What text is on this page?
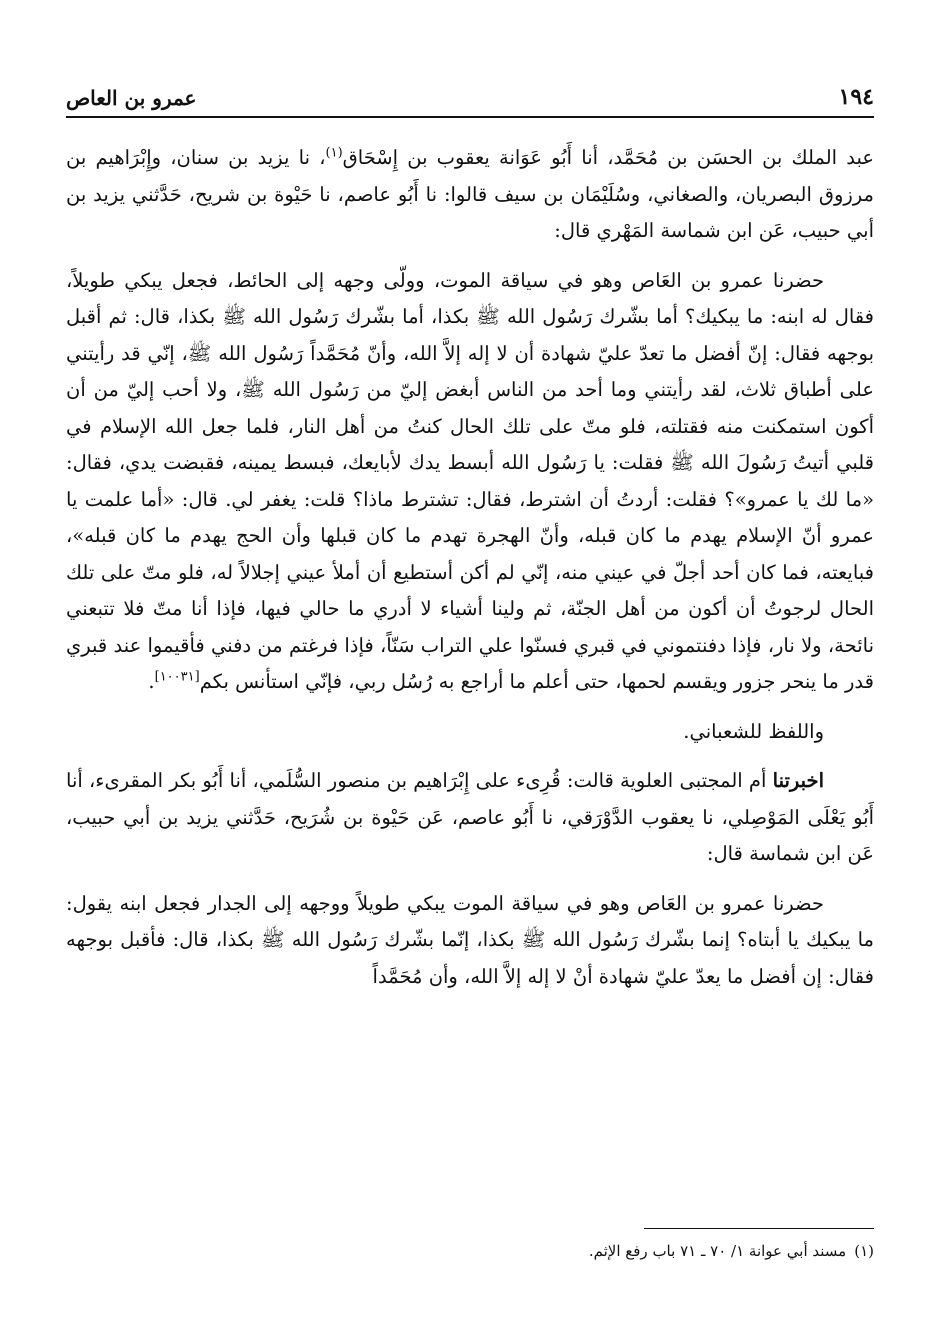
١٩٤
عمرو بن العاص

عبد الملك بن الحسَن بن مُحَمَّد، أنا أَبُو عَوَانة يعقوب بن إِسْحَاق$^{(١)}$، نا يزيد بن سنان، وإِبْرَاهيم بن مرزوق البصريان، والصغاني، وسُلَيْمَان بن سيف قالوا: نا أَبُو عاصم، نا حَيْوة بن شريح، حَدَّثني يزيد بن أبي حبيب، عَن ابن شماسة المَهْري قال:

حضرنا عمرو بن العَاص وهو في سياقة الموت، وولّى وجهه إلى الحائط، فجعل يبكي طويلاً، فقال له ابنه: ما يبكيك؟ أما بشّرك رَسُول الله ﷺ بكذا، أما بشّرك رَسُول الله ﷺ بكذا، قال: ثم أقبل بوجهه فقال: إنّ أفضل ما تعدّ عليّ شهادة أن لا إله إلاَّ الله، وأنّ مُحَمَّداً رَسُول الله ﷺ، إنّي قد رأيتني على أطباق ثلاث، لقد رأيتني وما أحد من الناس أبغض إليّ من رَسُول الله ﷺ، ولا أحب إليّ من أن أكون استمكنت منه فقتلته، فلو متّ على تلك الحال كنتُ من أهل النار، فلما جعل الله الإسلام في قلبي أتيتُ رَسُولَ الله ﷺ فقلت: يا رَسُول الله أبسط يدك لأبايعك، فبسط يمينه، فقبضت يدي، فقال: «ما لك يا عمرو»؟ فقلت: أردتُ أن اشترط، فقال: تشترط ماذا؟ قلت: يغفر لي. قال: «أما علمت يا عمرو أنّ الإسلام يهدم ما كان قبله، وأنّ الهجرة تهدم ما كان قبلها وأن الحج يهدم ما كان قبله»، فبايعته، فما كان أحد أجلّ في عيني منه، إنّي لم أكن أستطيع أن أملأ عيني إجلالاً له، فلو متّ على تلك الحال لرجوتُ أن أكون من أهل الجنّة، ثم ولينا أشياء لا أدري ما حالي فيها، فإذا أنا متّ فلا تتبعني نائحة، ولا نار، فإذا دفنتموني في قبري فسنّوا علي التراب سَنّاً، فإذا فرغتم من دفني فأقيموا عند قبري قدر ما ينحر جزور ويقسم لحمها، حتى أعلم ما أراجع به رُسُل ربي، فإنّي استأنس بكم[١٠٠٣١].

واللفظ للشعباني.

اخبرتنا أم المجتبى العلوية قالت: قُرِىء على إِبْرَاهيم بن منصور السُّلَمي، أنا أَبُو بكر المقرىء، أنا أَبُو يَعْلَى المَوْصِلي، نا يعقوب الدَّوْرَقي، نا أَبُو عاصم، عَن حَيْوة بن شُرَيح، حَدَّثني يزيد بن أبي حبيب، عَن ابن شماسة قال:

حضرنا عمرو بن العَاص وهو في سياقة الموت يبكي طويلاً ووجهه إلى الجدار فجعل ابنه يقول: ما يبكيك يا أبتاه؟ إنما بشّرك رَسُول الله ﷺ بكذا، إنّما بشّرك رَسُول الله ﷺ بكذا، قال: فأقبل بوجهه فقال: إن أفضل ما يعدّ عليّ شهادة أنْ لا إله إلاَّ الله، وأن مُحَمَّداً

(١)مسند أبي عوانة ١/ ٧٠ ـ ٧١ باب رفع الإثم.
